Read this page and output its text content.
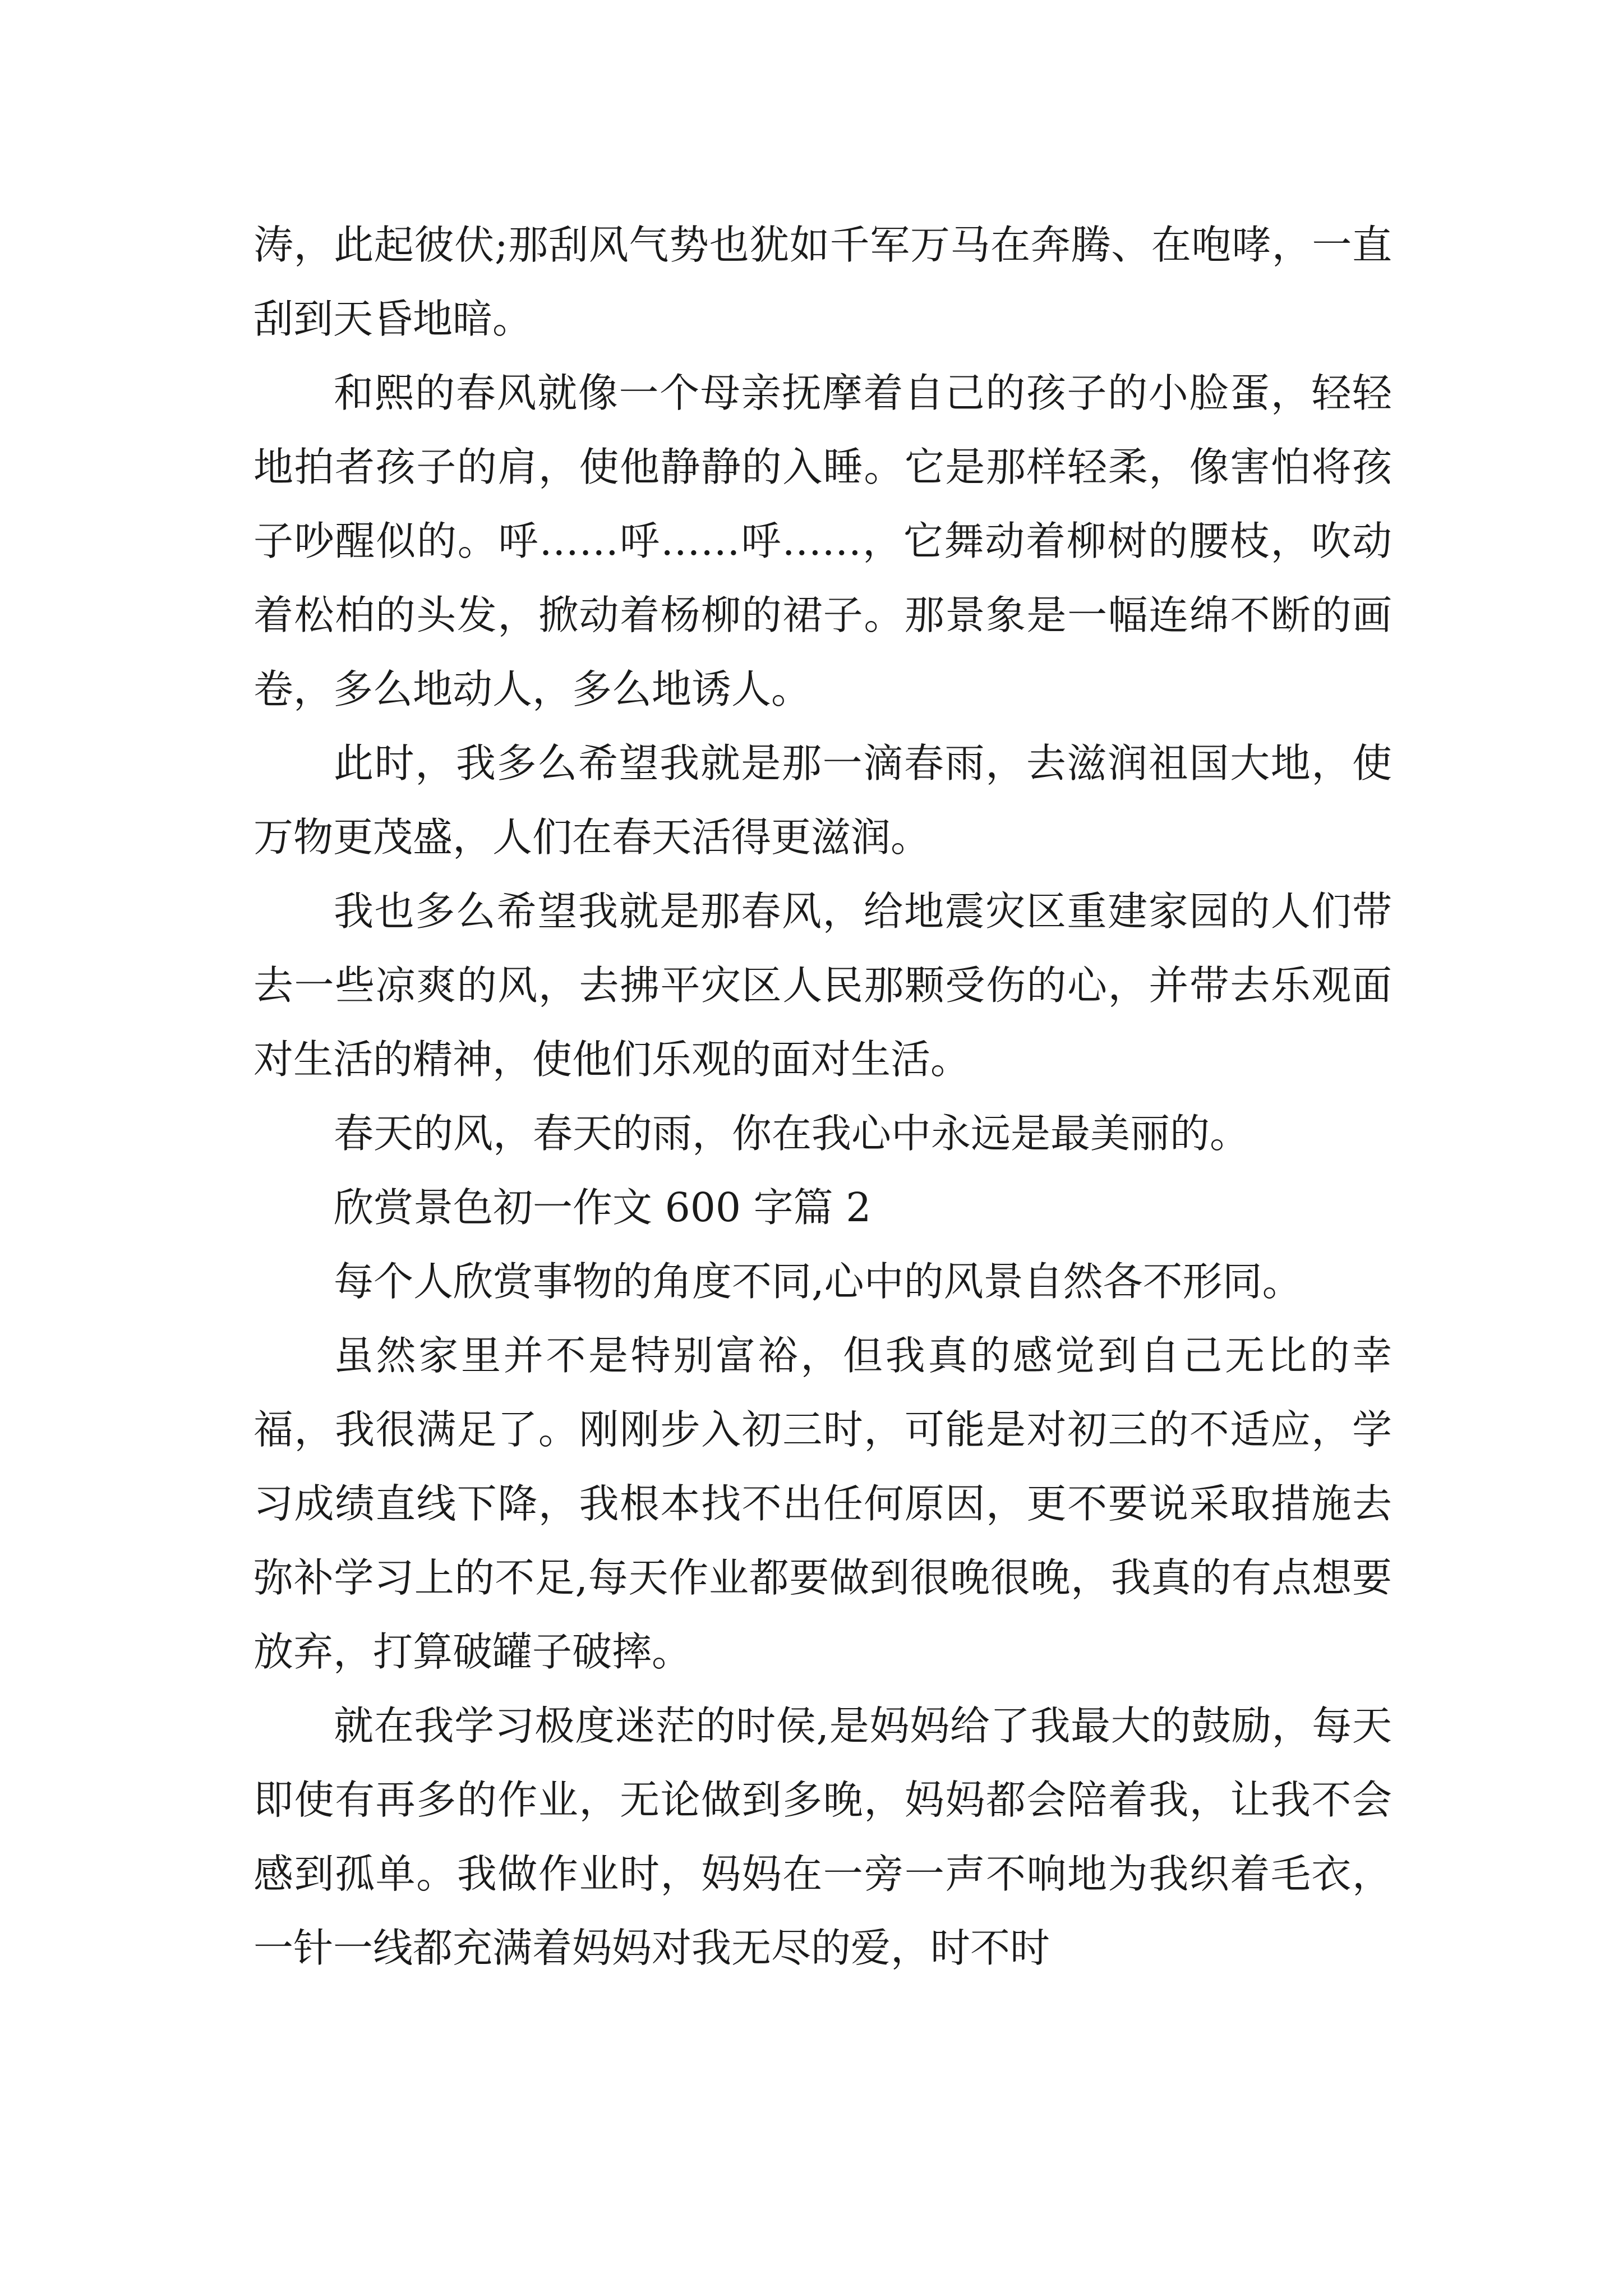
涛，此起彼伏;那刮风气势也犹如千军万马在奔腾、在咆哮，一直刮到天昏地暗。

和熙的春风就像一个母亲抚摩着自己的孩子的小脸蛋，轻轻地拍者孩子的肩，使他静静的入睡。它是那样轻柔，像害怕将孩子吵醒似的。呼……呼……呼……，它舞动着柳树的腰枝，吹动着松柏的头发，掀动着杨柳的裙子。那景象是一幅连绵不断的画卷，多么地动人，多么地诱人。

此时，我多么希望我就是那一滴春雨，去滋润祖国大地，使万物更茂盛，人们在春天活得更滋润。

我也多么希望我就是那春风，给地震灾区重建家园的人们带去一些凉爽的风，去拂平灾区人民那颗受伤的心，并带去乐观面对生活的精神，使他们乐观的面对生活。

春天的风，春天的雨，你在我心中永远是最美丽的。

欣赏景色初一作文 600 字篇 2

每个人欣赏事物的角度不同,心中的风景自然各不形同。

虽然家里并不是特别富裕，但我真的感觉到自己无比的幸福，我很满足了。刚刚步入初三时，可能是对初三的不适应，学习成绩直线下降，我根本找不出任何原因，更不要说采取措施去弥补学习上的不足,每天作业都要做到很晚很晚，我真的有点想要放弃，打算破罐子破摔。

就在我学习极度迷茫的时侯,是妈妈给了我最大的鼓励，每天即使有再多的作业，无论做到多晚，妈妈都会陪着我，让我不会感到孤单。我做作业时，妈妈在一旁一声不响地为我织着毛衣，一针一线都充满着妈妈对我无尽的爱，时不时
